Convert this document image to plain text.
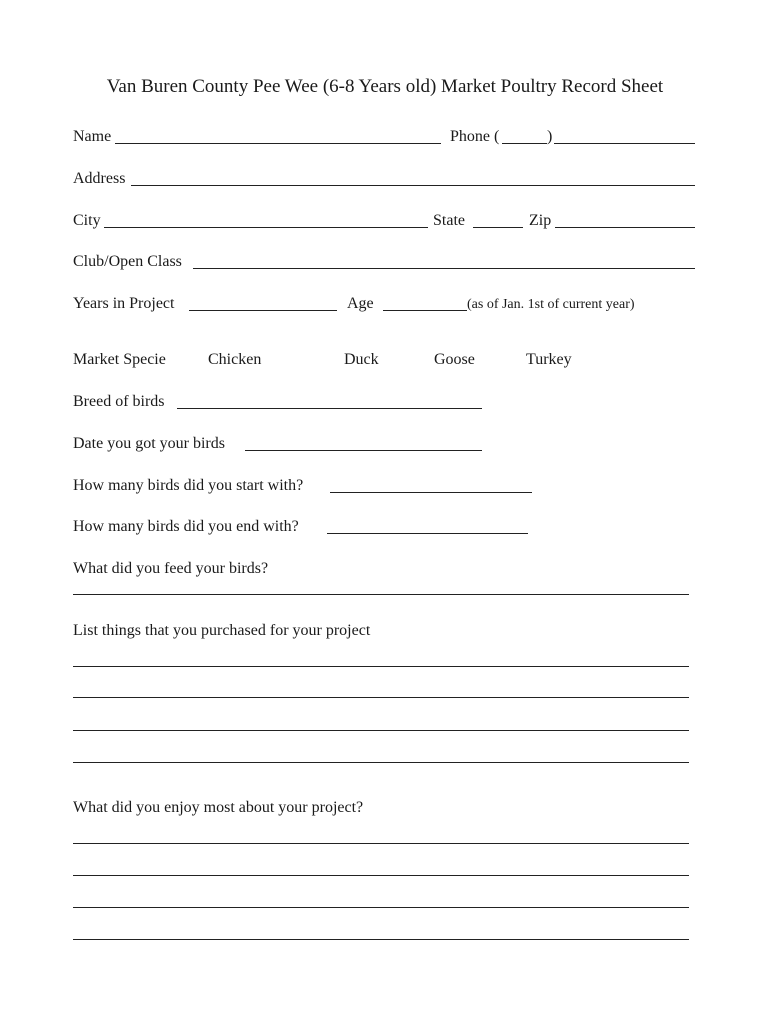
Van Buren County Pee Wee (6-8 Years old) Market Poultry Record Sheet
Name	Phone (	)
Address
City	State	Zip
Club/Open Class
Years in Project	Age	(as of Jan. 1st of current year)
Market Specie	Chicken	Duck	Goose	Turkey
Breed of birds
Date you got your birds
How many birds did you start with?
How many birds did you end with?
What did you feed your birds?
List things that you purchased for your project
What did you enjoy most about your project?
